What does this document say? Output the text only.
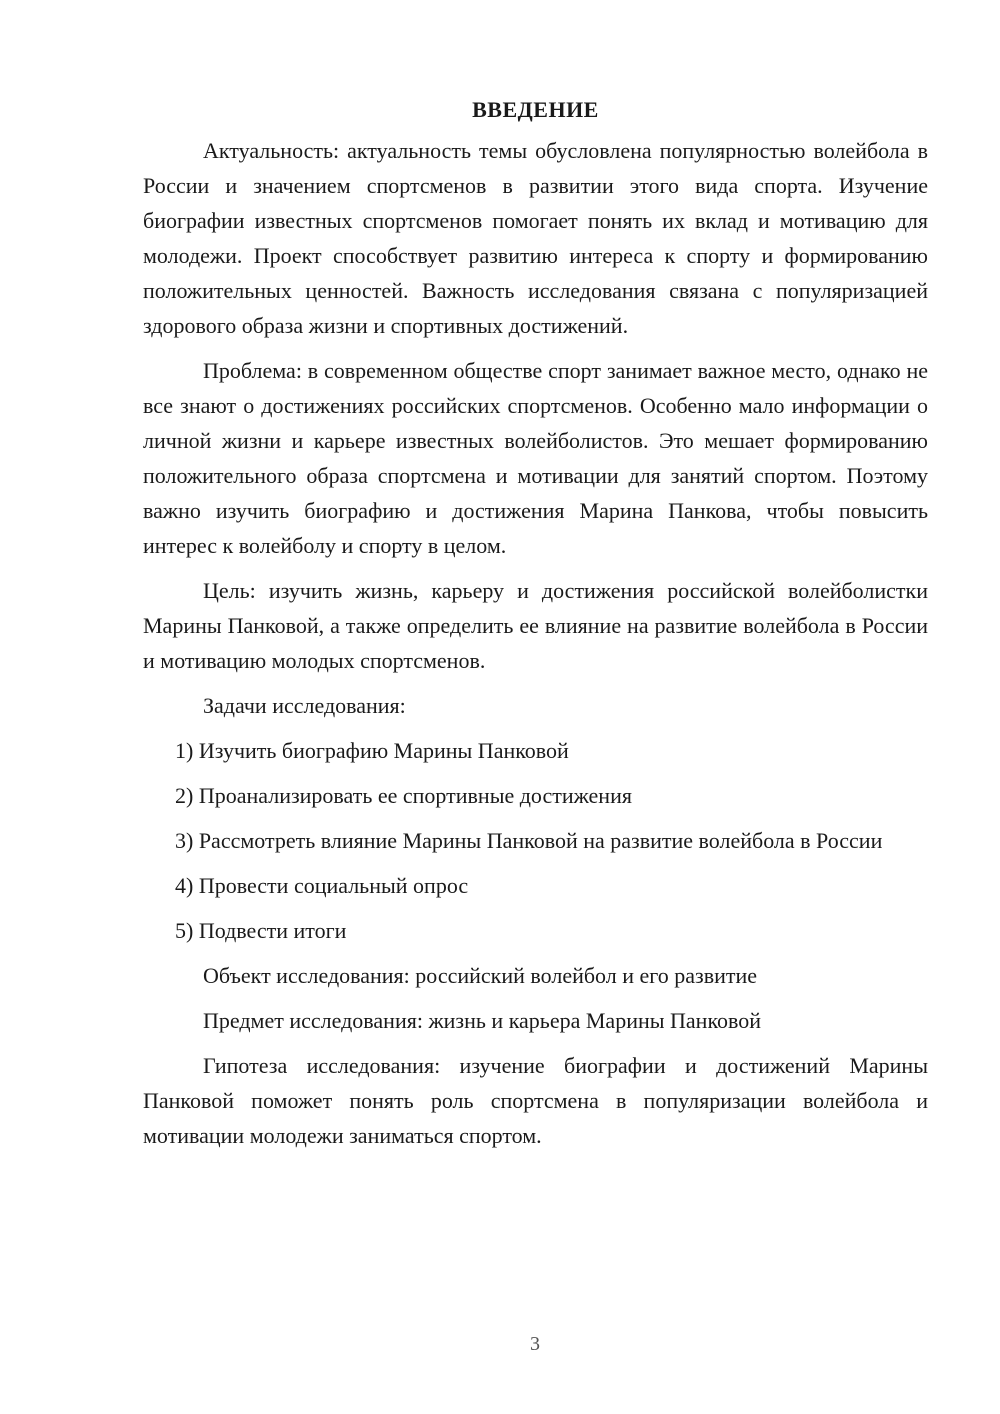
ВВЕДЕНИЕ

Актуальность: актуальность темы обусловлена популярностью волейбола в России и значением спортсменов в развитии этого вида спорта. Изучение биографии известных спортсменов помогает понять их вклад и мотивацию для молодежи. Проект способствует развитию интереса к спорту и формированию положительных ценностей. Важность исследования связана с популяризацией здорового образа жизни и спортивных достижений.

Проблема: в современном обществе спорт занимает важное место, однако не все знают о достижениях российских спортсменов. Особенно мало информации о личной жизни и карьере известных волейболистов. Это мешает формированию положительного образа спортсмена и мотивации для занятий спортом. Поэтому важно изучить биографию и достижения Марина Панкова, чтобы повысить интерес к волейболу и спорту в целом.

Цель: изучить жизнь, карьеру и достижения российской волейболистки Марины Панковой, а также определить ее влияние на развитие волейбола в России и мотивацию молодых спортсменов.

Задачи исследования:

1) Изучить биографию Марины Панковой

2) Проанализировать ее спортивные достижения

3) Рассмотреть влияние Марины Панковой на развитие волейбола в России

4) Провести социальный опрос

5) Подвести итоги

Объект исследования: российский волейбол и его развитие

Предмет исследования: жизнь и карьера Марины Панковой

Гипотеза исследования: изучение биографии и достижений Марины Панковой поможет понять роль спортсмена в популяризации волейбола и мотивации молодежи заниматься спортом.

3
